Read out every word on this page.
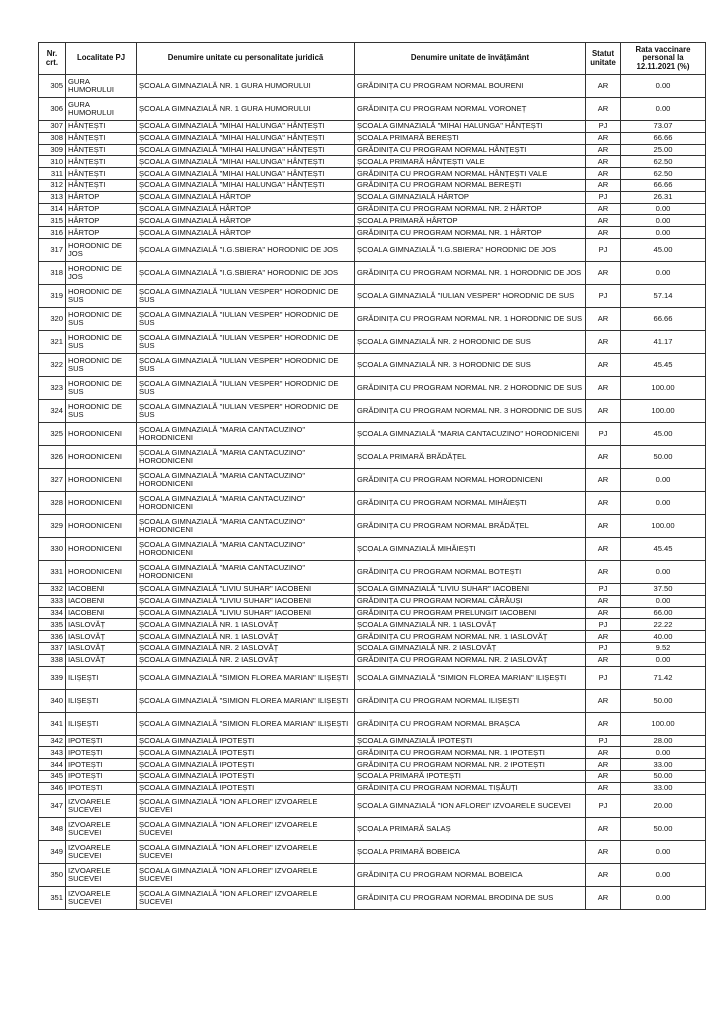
Nr. crt.	Localitate PJ	Denumire unitate cu personalitate juridică	Denumire unitate de învățământ	Statut unitate	Rata vaccinare personal la 12.11.2021 (%)
305	GURA HUMORULUI	ȘCOALA GIMNAZIALĂ NR. 1 GURA HUMORULUI	GRĂDINIȚA CU PROGRAM NORMAL BOURENI	AR	0.00
306	GURA HUMORULUI	ȘCOALA GIMNAZIALĂ NR. 1 GURA HUMORULUI	GRĂDINIȚA CU PROGRAM NORMAL VORONEȚ	AR	0.00
307	HÂNȚEȘTI	ȘCOALA GIMNAZIALĂ "MIHAI HALUNGA" HÂNȚEȘTI	ȘCOALA GIMNAZIALĂ "MIHAI HALUNGA" HÂNȚEȘTI	PJ	73.07
308	HÂNȚEȘTI	ȘCOALA GIMNAZIALĂ "MIHAI HALUNGA" HÂNȚEȘTI	ȘCOALA PRIMARĂ BEREȘTI	AR	66.66
309	HÂNȚEȘTI	ȘCOALA GIMNAZIALĂ "MIHAI HALUNGA" HÂNȚEȘTI	GRĂDINIȚA CU PROGRAM NORMAL HÂNȚEȘTI	AR	25.00
310	HÂNȚEȘTI	ȘCOALA GIMNAZIALĂ "MIHAI HALUNGA" HÂNȚEȘTI	ȘCOALA PRIMARĂ HÂNȚEȘTI VALE	AR	62.50
311	HÂNȚEȘTI	ȘCOALA GIMNAZIALĂ "MIHAI HALUNGA" HÂNȚEȘTI	GRĂDINIȚA CU PROGRAM NORMAL HÂNȚEȘTI VALE	AR	62.50
312	HÂNȚEȘTI	ȘCOALA GIMNAZIALĂ "MIHAI HALUNGA" HÂNȚEȘTI	GRĂDINIȚA CU PROGRAM NORMAL BEREȘTI	AR	66.66
313	HÂRTOP	ȘCOALA GIMNAZIALĂ HÂRTOP	ȘCOALA GIMNAZIALĂ HÂRTOP	PJ	26.31
314	HÂRTOP	ȘCOALA GIMNAZIALĂ HÂRTOP	GRĂDINIȚA CU PROGRAM NORMAL NR. 2 HÂRTOP	AR	0.00
315	HÂRTOP	ȘCOALA GIMNAZIALĂ HÂRTOP	ȘCOALA PRIMARĂ HÂRTOP	AR	0.00
316	HÂRTOP	ȘCOALA GIMNAZIALĂ HÂRTOP	GRĂDINIȚA CU PROGRAM NORMAL NR. 1 HÂRTOP	AR	0.00
317	HORODNIC DE JOS	ȘCOALA GIMNAZIALĂ "I.G.SBIERA" HORODNIC DE JOS	ȘCOALA GIMNAZIALĂ "I.G.SBIERA" HORODNIC DE JOS	PJ	45.00
318	HORODNIC DE JOS	ȘCOALA GIMNAZIALĂ "I.G.SBIERA" HORODNIC DE JOS	GRĂDINIȚA CU PROGRAM NORMAL NR. 1 HORODNIC DE JOS	AR	0.00
319	HORODNIC DE SUS	ȘCOALA GIMNAZIALĂ "IULIAN VESPER" HORODNIC DE SUS	ȘCOALA GIMNAZIALĂ "IULIAN VESPER" HORODNIC DE SUS	PJ	57.14
320	HORODNIC DE SUS	ȘCOALA GIMNAZIALĂ "IULIAN VESPER" HORODNIC DE SUS	GRĂDINIȚA CU PROGRAM NORMAL NR. 1 HORODNIC DE SUS	AR	66.66
321	HORODNIC DE SUS	ȘCOALA GIMNAZIALĂ "IULIAN VESPER" HORODNIC DE SUS	ȘCOALA GIMNAZIALĂ NR. 2 HORODNIC DE SUS	AR	41.17
322	HORODNIC DE SUS	ȘCOALA GIMNAZIALĂ "IULIAN VESPER" HORODNIC DE SUS	ȘCOALA GIMNAZIALĂ NR. 3 HORODNIC DE SUS	AR	45.45
323	HORODNIC DE SUS	ȘCOALA GIMNAZIALĂ "IULIAN VESPER" HORODNIC DE SUS	GRĂDINIȚA CU PROGRAM NORMAL NR. 2 HORODNIC DE SUS	AR	100.00
324	HORODNIC DE SUS	ȘCOALA GIMNAZIALĂ "IULIAN VESPER" HORODNIC DE SUS	GRĂDINIȚA CU PROGRAM NORMAL NR. 3 HORODNIC DE SUS	AR	100.00
325	HORODNICENI	ȘCOALA GIMNAZIALĂ "MARIA CANTACUZINO" HORODNICENI	ȘCOALA GIMNAZIALĂ "MARIA CANTACUZINO" HORODNICENI	PJ	45.00
326	HORODNICENI	ȘCOALA GIMNAZIALĂ "MARIA CANTACUZINO" HORODNICENI	ȘCOALA PRIMARĂ BRĂDĂȚEL	AR	50.00
327	HORODNICENI	ȘCOALA GIMNAZIALĂ "MARIA CANTACUZINO" HORODNICENI	GRĂDINIȚA CU PROGRAM NORMAL HORODNICENI	AR	0.00
328	HORODNICENI	ȘCOALA GIMNAZIALĂ "MARIA CANTACUZINO" HORODNICENI	GRĂDINIȚA CU PROGRAM NORMAL MIHĂIEȘTI	AR	0.00
329	HORODNICENI	ȘCOALA GIMNAZIALĂ "MARIA CANTACUZINO" HORODNICENI	GRĂDINIȚA CU PROGRAM NORMAL BRĂDĂȚEL	AR	100.00
330	HORODNICENI	ȘCOALA GIMNAZIALĂ "MARIA CANTACUZINO" HORODNICENI	ȘCOALA GIMNAZIALĂ MIHĂIEȘTI	AR	45.45
331	HORODNICENI	ȘCOALA GIMNAZIALĂ "MARIA CANTACUZINO" HORODNICENI	GRĂDINIȚA CU PROGRAM NORMAL BOTEȘTI	AR	0.00
332	IACOBENI	ȘCOALA GIMNAZIALĂ "LIVIU SUHAR" IACOBENI	ȘCOALA GIMNAZIALĂ "LIVIU SUHAR" IACOBENI	PJ	37.50
333	IACOBENI	ȘCOALA GIMNAZIALĂ "LIVIU SUHAR" IACOBENI	GRĂDINIȚA CU PROGRAM NORMAL CÂRĂUȘI	AR	0.00
334	IACOBENI	ȘCOALA GIMNAZIALĂ "LIVIU SUHAR" IACOBENI	GRĂDINIȚA CU PROGRAM PRELUNGIT IACOBENI	AR	66.00
335	IASLOVĂȚ	ȘCOALA GIMNAZIALĂ NR. 1 IASLOVĂȚ	ȘCOALA GIMNAZIALĂ NR. 1 IASLOVĂȚ	PJ	22.22
336	IASLOVĂȚ	ȘCOALA GIMNAZIALĂ NR. 1 IASLOVĂȚ	GRĂDINIȚA CU PROGRAM NORMAL NR. 1 IASLOVĂȚ	AR	40.00
337	IASLOVĂȚ	ȘCOALA GIMNAZIALĂ NR. 2 IASLOVĂȚ	ȘCOALA GIMNAZIALĂ NR. 2 IASLOVĂȚ	PJ	9.52
338	IASLOVĂȚ	ȘCOALA GIMNAZIALĂ NR. 2 IASLOVĂȚ	GRĂDINIȚA CU PROGRAM NORMAL NR. 2 IASLOVĂȚ	AR	0.00
339	ILIȘEȘTI	ȘCOALA GIMNAZIALĂ "SIMION FLOREA MARIAN" ILIȘEȘTI	ȘCOALA GIMNAZIALĂ "SIMION FLOREA MARIAN" ILIȘEȘTI	PJ	71.42
340	ILIȘEȘTI	ȘCOALA GIMNAZIALĂ "SIMION FLOREA MARIAN" ILIȘEȘTI	GRĂDINIȚA CU PROGRAM NORMAL ILIȘEȘTI	AR	50.00
341	ILIȘEȘTI	ȘCOALA GIMNAZIALĂ "SIMION FLOREA MARIAN" ILIȘEȘTI	GRĂDINIȚA CU PROGRAM NORMAL BRAȘCA	AR	100.00
342	IPOTEȘTI	ȘCOALA GIMNAZIALĂ IPOTEȘTI	ȘCOALA GIMNAZIALĂ IPOTEȘTI	PJ	28.00
343	IPOTEȘTI	ȘCOALA GIMNAZIALĂ IPOTEȘTI	GRĂDINIȚA CU PROGRAM NORMAL NR. 1 IPOTEȘTI	AR	0.00
344	IPOTEȘTI	ȘCOALA GIMNAZIALĂ IPOTEȘTI	GRĂDINIȚA CU PROGRAM NORMAL NR. 2 IPOTEȘTI	AR	33.00
345	IPOTEȘTI	ȘCOALA GIMNAZIALĂ IPOTEȘTI	ȘCOALA PRIMARĂ IPOTEȘTI	AR	50.00
346	IPOTEȘTI	ȘCOALA GIMNAZIALĂ IPOTEȘTI	GRĂDINIȚA CU PROGRAM NORMAL TIȘĂUȚI	AR	33.00
347	IZVOARELE SUCEVEI	ȘCOALA GIMNAZIALĂ "ION AFLOREI" IZVOARELE SUCEVEI	ȘCOALA GIMNAZIALĂ "ION AFLOREI" IZVOARELE SUCEVEI	PJ	20.00
348	IZVOARELE SUCEVEI	ȘCOALA GIMNAZIALĂ "ION AFLOREI" IZVOARELE SUCEVEI	ȘCOALA PRIMARĂ SALAȘ	AR	50.00
349	IZVOARELE SUCEVEI	ȘCOALA GIMNAZIALĂ "ION AFLOREI" IZVOARELE SUCEVEI	ȘCOALA PRIMARĂ BOBEICA	AR	0.00
350	IZVOARELE SUCEVEI	ȘCOALA GIMNAZIALĂ "ION AFLOREI" IZVOARELE SUCEVEI	GRĂDINIȚA CU PROGRAM NORMAL BOBEICA	AR	0.00
351	IZVOARELE SUCEVEI	ȘCOALA GIMNAZIALĂ "ION AFLOREI" IZVOARELE SUCEVEI	GRĂDINIȚA CU PROGRAM NORMAL BRODINA DE SUS	AR	0.00
